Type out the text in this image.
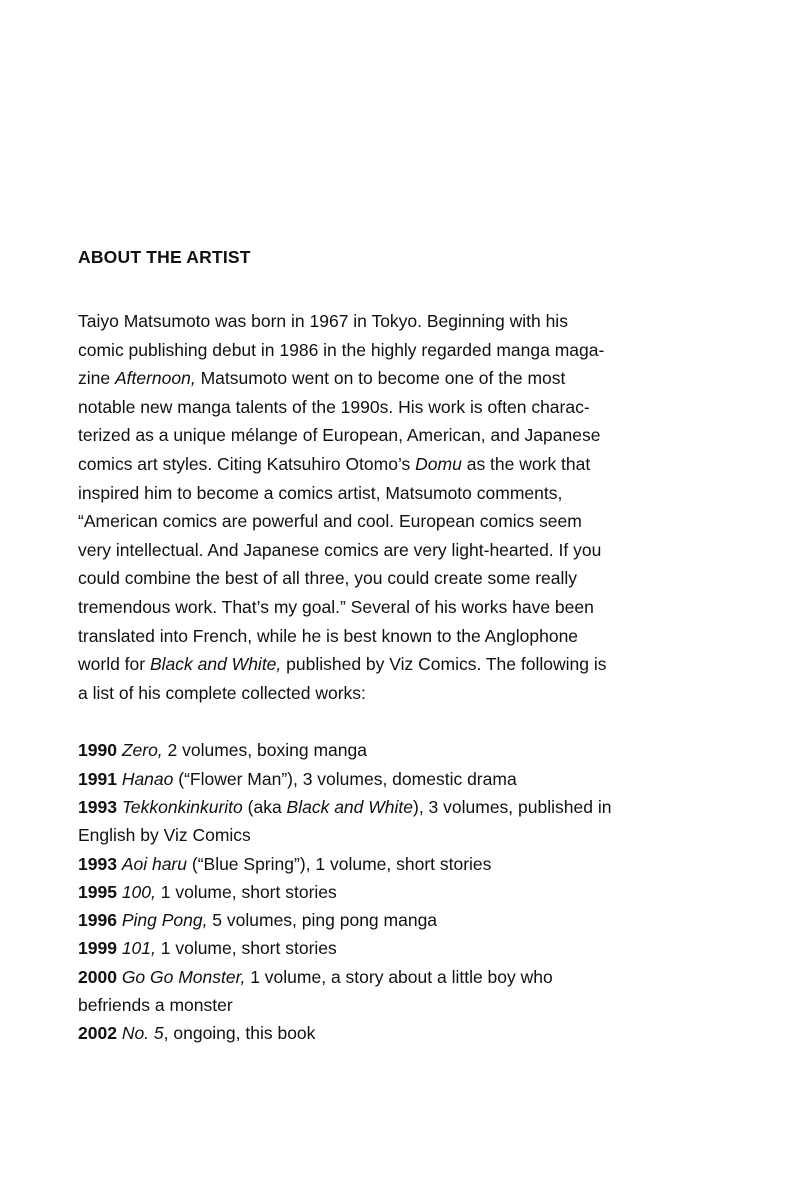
ABOUT THE ARTIST
Taiyo Matsumoto was born in 1967 in Tokyo. Beginning with his
comic publishing debut in 1986 in the highly regarded manga maga-
zine Afternoon, Matsumoto went on to become one of the most
notable new manga talents of the 1990s. His work is often charac-
terized as a unique mélange of European, American, and Japanese
comics art styles. Citing Katsuhiro Otomo’s Domu as the work that
inspired him to become a comics artist, Matsumoto comments,
“American comics are powerful and cool. European comics seem
very intellectual. And Japanese comics are very light-hearted. If you
could combine the best of all three, you could create some really
tremendous work. That’s my goal.” Several of his works have been
translated into French, while he is best known to the Anglophone
world for Black and White, published by Viz Comics. The following is
a list of his complete collected works:
1990 Zero, 2 volumes, boxing manga
1991 Hanao (“Flower Man”), 3 volumes, domestic drama
1993 Tekkonkinkurito (aka Black and White), 3 volumes, published in
English by Viz Comics
1993 Aoi haru (“Blue Spring”), 1 volume, short stories
1995 100, 1 volume, short stories
1996 Ping Pong, 5 volumes, ping pong manga
1999 101, 1 volume, short stories
2000 Go Go Monster, 1 volume, a story about a little boy who
befriends a monster
2002 No. 5, ongoing, this book
